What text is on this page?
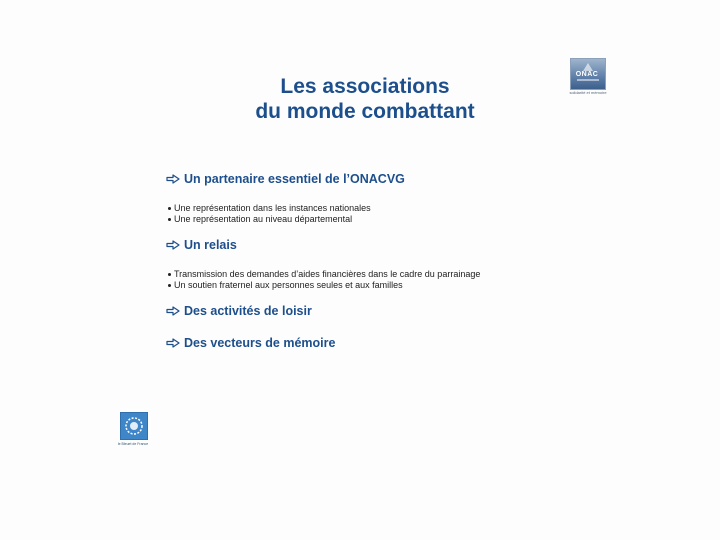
Les associations
du monde combattant
ONAC
solidarité et mémoire
Un partenaire essentiel de l’ONACVG
Une représentation dans les instances nationales
Une représentation au niveau départemental
Un relais
Transmission des demandes d’aides financières dans le cadre du parrainage
Un soutien fraternel aux personnes seules et aux familles
Des activités de loisir
Des vecteurs de mémoire
le Bleuet de France
